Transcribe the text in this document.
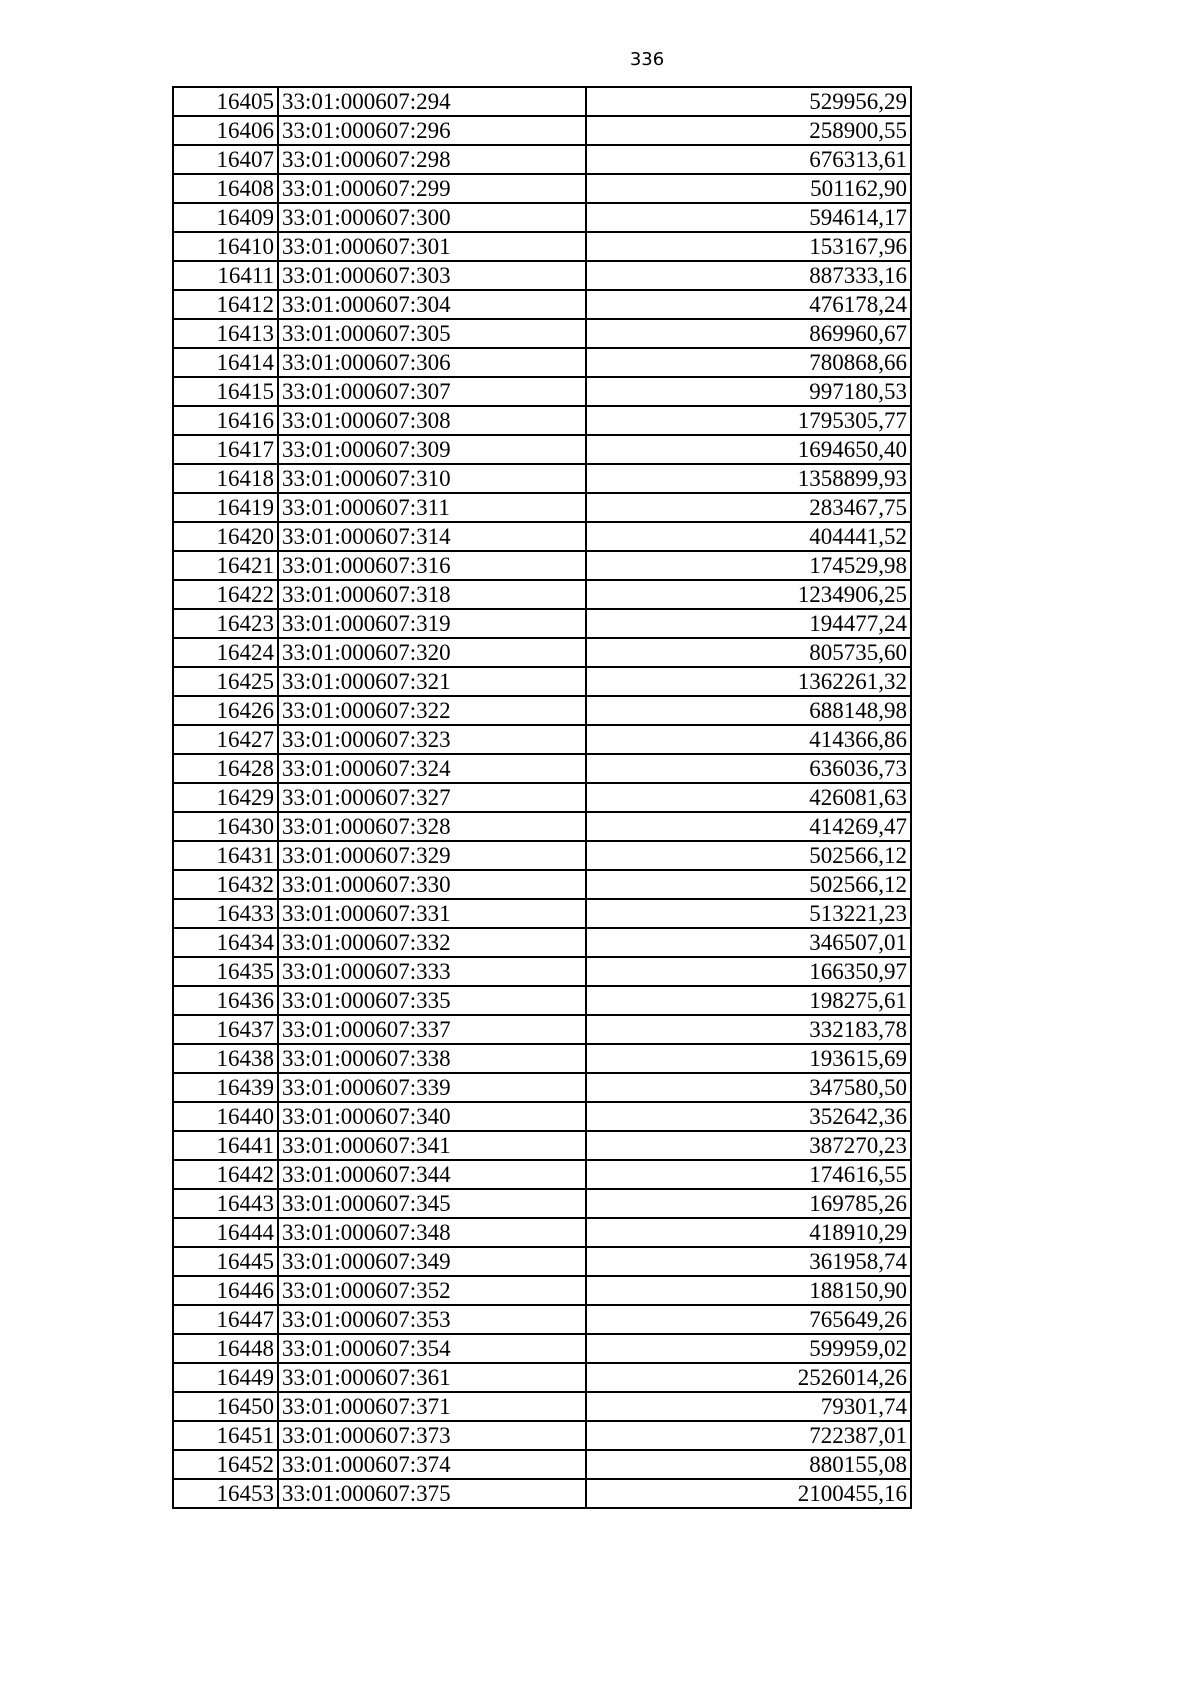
336
16405	33:01:000607:294	529956,29
16406	33:01:000607:296	258900,55
16407	33:01:000607:298	676313,61
16408	33:01:000607:299	501162,90
16409	33:01:000607:300	594614,17
16410	33:01:000607:301	153167,96
16411	33:01:000607:303	887333,16
16412	33:01:000607:304	476178,24
16413	33:01:000607:305	869960,67
16414	33:01:000607:306	780868,66
16415	33:01:000607:307	997180,53
16416	33:01:000607:308	1795305,77
16417	33:01:000607:309	1694650,40
16418	33:01:000607:310	1358899,93
16419	33:01:000607:311	283467,75
16420	33:01:000607:314	404441,52
16421	33:01:000607:316	174529,98
16422	33:01:000607:318	1234906,25
16423	33:01:000607:319	194477,24
16424	33:01:000607:320	805735,60
16425	33:01:000607:321	1362261,32
16426	33:01:000607:322	688148,98
16427	33:01:000607:323	414366,86
16428	33:01:000607:324	636036,73
16429	33:01:000607:327	426081,63
16430	33:01:000607:328	414269,47
16431	33:01:000607:329	502566,12
16432	33:01:000607:330	502566,12
16433	33:01:000607:331	513221,23
16434	33:01:000607:332	346507,01
16435	33:01:000607:333	166350,97
16436	33:01:000607:335	198275,61
16437	33:01:000607:337	332183,78
16438	33:01:000607:338	193615,69
16439	33:01:000607:339	347580,50
16440	33:01:000607:340	352642,36
16441	33:01:000607:341	387270,23
16442	33:01:000607:344	174616,55
16443	33:01:000607:345	169785,26
16444	33:01:000607:348	418910,29
16445	33:01:000607:349	361958,74
16446	33:01:000607:352	188150,90
16447	33:01:000607:353	765649,26
16448	33:01:000607:354	599959,02
16449	33:01:000607:361	2526014,26
16450	33:01:000607:371	79301,74
16451	33:01:000607:373	722387,01
16452	33:01:000607:374	880155,08
16453	33:01:000607:375	2100455,16
